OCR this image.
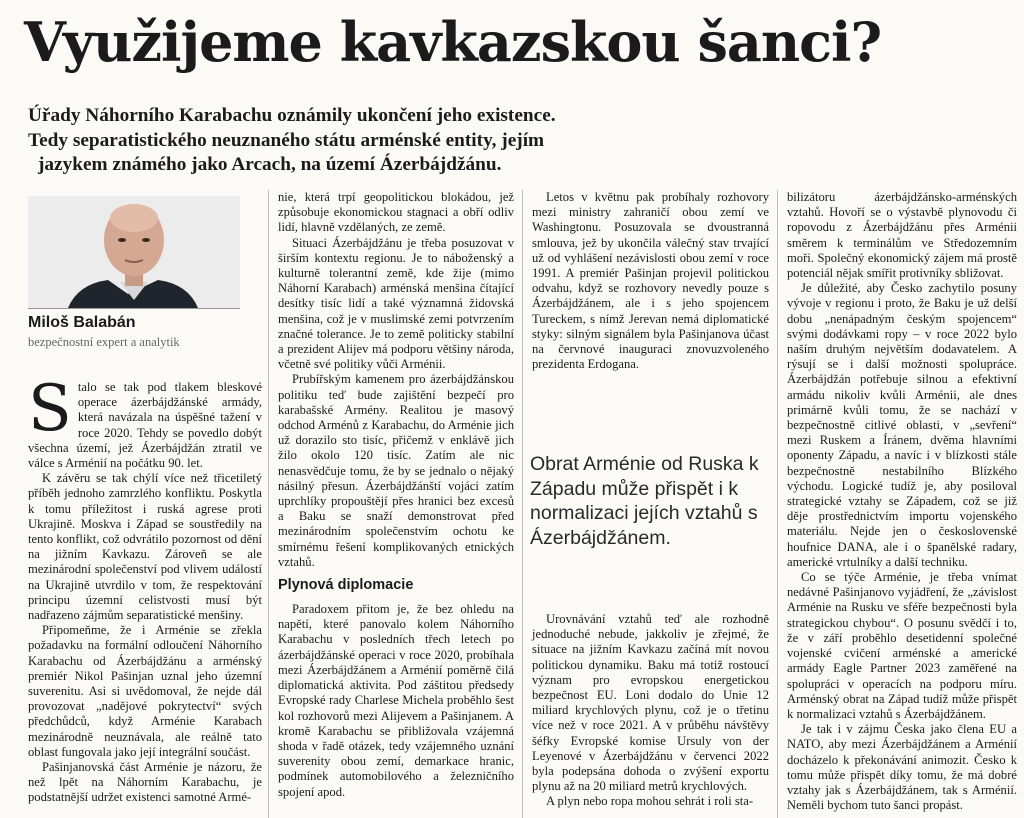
Využijeme kavkazskou šanci?
Úřady Náhorního Karabachu oznámily ukončení jeho existence.
Tedy separatistického neuznaného státu arménské entity, jejím
jazykem známého jako Arcach, na území Ázerbájdžánu.
Miloš Balabán
bezpečnostní expert a analytik

Stalo se tak pod tlakem bleskové operace ázerbájdžánské armády, která navázala na úspěšné tažení v roce 2020. Tehdy se povedlo dobýt všechna území, jež Ázerbájdžán ztratil ve válce s Arménií na počátku 90. let.

K závěru se tak chýlí více než třicetiletý příběh jednoho zamrzlého konfliktu. Poskytla k tomu příležitost i ruská agrese proti Ukrajině. Moskva i Západ se soustředily na tento konflikt, což odvrátilo pozornost od dění na jižním Kavkazu. Zároveň se ale mezinárodní společenství pod vlivem událostí na Ukrajině utvrdilo v tom, že respektování principu územní celistvosti musí být nadřazeno zájmům separatistické menšiny.

Připomeňme, že i Arménie se zřekla požadavku na formální odloučení Náhorního Karabachu od Ázerbájdžánu a arménský premiér Nikol Pašinjan uznal jeho územní suverenitu. Asi si uvědomoval, že nejde dál provozovat „nadějové pokrytectví“ svých předchůdců, když Arménie Karabach mezinárodně neuznávala, ale reálně tato oblast fungovala jako její integrální součást.

Pašinjanovská část Arménie je názoru, že než lpět na Náhorním Karabachu, je podstatnější udržet existenci samotné Armé-

nie, která trpí geopolitickou blokádou, jež způsobuje ekonomickou stagnaci a obří odliv lidí, hlavně vzdělaných, ze země.

Situaci Ázerbájdžánu je třeba posuzovat v širším kontextu regionu. Je to náboženský a kulturně tolerantní země, kde žije (mimo Náhorní Karabach) arménská menšina čítající desítky tisíc lidí a také významná židovská menšina, což je v muslimské zemi potvrzením značné tolerance. Je to země politicky stabilní a prezident Alijev má podporu většiny národa, včetně své politiky vůči Arménii.

Prubířským kamenem pro ázerbájdžánskou politiku teď bude zajištění bezpečí pro karabašské Armény. Realitou je masový odchod Arménů z Karabachu, do Arménie jich už dorazilo sto tisíc, přičemž v enklávě jich žilo okolo 120 tisíc. Zatím ale nic nenasvědčuje tomu, že by se jednalo o nějaký násilný přesun. Ázerbájdžánští vojáci zatím uprchlíky propouštějí přes hranici bez excesů a Baku se snaží demonstrovat před mezinárodním společenstvím ochotu ke smírnému řešení komplikovaných etnických vztahů.

Plynová diplomacie

Paradoxem přitom je, že bez ohledu na napětí, které panovalo kolem Náhorního Karabachu v posledních třech letech po ázerbájdžánské operaci v roce 2020, probíhala mezi Ázerbájdžánem a Arménií poměrně čilá diplomatická aktivita. Pod záštitou předsedy Evropské rady Charlese Michela proběhlo šest kol rozhovorů mezi Alijevem a Pašinjanem. A kromě Karabachu se přibližovala vzájemná shoda v řadě otázek, tedy vzájemného uznání suverenity obou zemí, demarkace hranic, podmínek automobilového a železničního spojení apod.

Letos v květnu pak probíhaly rozhovory mezi ministry zahraničí obou zemí ve Washingtonu. Posuzovala se dvoustranná smlouva, jež by ukončila válečný stav trvající už od vyhlášení nezávislosti obou zemí v roce 1991. A premiér Pašinjan projevil politickou odvahu, když se rozhovory nevedly pouze s Ázerbájdžánem, ale i s jeho spojencem Tureckem, s nímž Jerevan nemá diplomatické styky: silným signálem byla Pašinjanova účast na červnové inauguraci znovuzvoleného prezidenta Erdogana.

Obrat Arménie od Ruska k Západu může přispět i k normalizaci jejích vztahů s Ázerbájdžánem.

Urovnávání vztahů teď ale rozhodně jednoduché nebude, jakkoliv je zřejmé, že situace na jižním Kavkazu začíná mít novou politickou dynamiku. Baku má totiž rostoucí význam pro evropskou energetickou bezpečnost EU. Loni dodalo do Unie 12 miliard krychlových plynu, což je o třetinu více než v roce 2021. A v průběhu návštěvy šéfky Evropské komise Ursuly von der Leyenové v Ázerbájdžánu v červenci 2022 byla podepsána dohoda o zvýšení exportu plynu až na 20 miliard metrů krychlových.

A plyn nebo ropa mohou sehrát i roli sta-

bilizátoru ázerbájdžánsko-arménských vztahů. Hovoří se o výstavbě plynovodu či ropovodu z Ázerbájdžánu přes Arménii směrem k terminálům ve Středozemním moři. Společný ekonomický zájem má prostě potenciál nějak smířit protivníky sbližovat.

Je důležité, aby Česko zachytilo posuny vývoje v regionu i proto, že Baku je už delší dobu „nenápadným českým spojencem“ svými dodávkami ropy – v roce 2022 bylo naším druhým největším dodavatelem. A rýsují se i další možnosti spolupráce. Ázerbájdžán potřebuje silnou a efektivní armádu nikoliv kvůli Arménii, ale dnes primárně kvůli tomu, že se nachází v bezpečnostně citlivé oblasti, v „sevření“ mezi Ruskem a Íránem, dvěma hlavními oponenty Západu, a navíc i v blízkosti stále bezpečnostně nestabilního Blízkého východu. Logické tudíž je, aby posiloval strategické vztahy se Západem, což se již děje prostřednictvím importu vojenského materiálu. Nejde jen o československé houfnice DANA, ale i o španělské radary, americké vrtulníky a další techniku.

Co se týče Arménie, je třeba vnímat nedávné Pašinjanovo vyjádření, že „závislost Arménie na Rusku ve sféře bezpečnosti byla strategickou chybou“. O posunu svědčí i to, že v září proběhlo desetidenní společné vojenské cvičení arménské a americké armády Eagle Partner 2023 zaměřené na spolupráci v operacích na podporu míru. Arménský obrat na Západ tudíž může přispět k normalizaci vztahů s Ázerbájdžánem.

Je tak i v zájmu Česka jako člena EU a NATO, aby mezi Ázerbájdžánem a Arménií docházelo k překonávání animozit. Česko k tomu může přispět díky tomu, že má dobré vztahy jak s Ázerbájdžánem, tak s Arménií. Neměli bychom tuto šanci propást.
